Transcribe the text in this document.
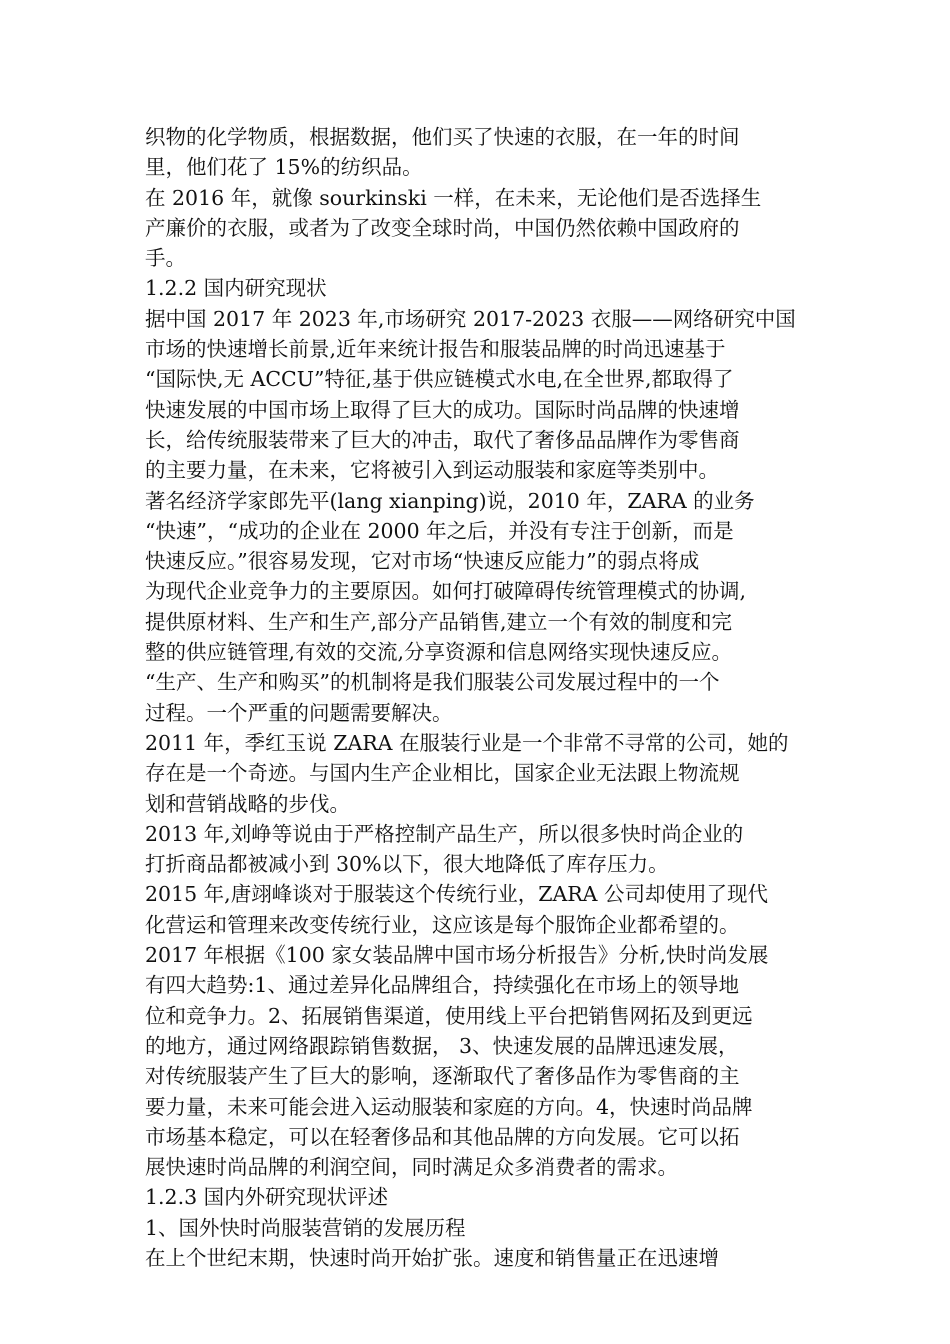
织物的化学物质，根据数据，他们买了快速的衣服，在一年的时间
里，他们花了 15%的纺织品。
在 2016 年，就像 sourkinski 一样，在未来，无论他们是否选择生
产廉价的衣服，或者为了改变全球时尚，中国仍然依赖中国政府的
手。
1.2.2 国内研究现状
据中国 2017 年 2023 年,市场研究 2017-2023 衣服——网络研究中国
市场的快速增长前景,近年来统计报告和服装品牌的时尚迅速基于
“国际快,无 ACCU”特征,基于供应链模式水电,在全世界,都取得了
快速发展的中国市场上取得了巨大的成功。国际时尚品牌的快速增
长，给传统服装带来了巨大的冲击，取代了奢侈品品牌作为零售商
的主要力量，在未来，它将被引入到运动服装和家庭等类别中。
著名经济学家郎先平(lang xianping)说，2010 年，ZARA 的业务
“快速”，“成功的企业在 2000 年之后，并没有专注于创新，而是
快速反应。”很容易发现，它对市场“快速反应能力”的弱点将成
为现代企业竞争力的主要原因。如何打破障碍传统管理模式的协调,
提供原材料、生产和生产,部分产品销售,建立一个有效的制度和完
整的供应链管理,有效的交流,分享资源和信息网络实现快速反应。
“生产、生产和购买”的机制将是我们服装公司发展过程中的一个
过程。一个严重的问题需要解决。
2011 年，季红玉说 ZARA 在服装行业是一个非常不寻常的公司，她的
存在是一个奇迹。与国内生产企业相比，国家企业无法跟上物流规
划和营销战略的步伐。
2013 年,刘峥等说由于严格控制产品生产，所以很多快时尚企业的
打折商品都被减小到 30%以下，很大地降低了库存压力。
2015 年,唐翊峰谈对于服装这个传统行业，ZARA 公司却使用了现代
化营运和管理来改变传统行业，这应该是每个服饰企业都希望的。
2017 年根据《100 家女装品牌中国市场分析报告》分析,快时尚发展
有四大趋势:1、通过差异化品牌组合，持续强化在市场上的领导地
位和竞争力。2、拓展销售渠道，使用线上平台把销售网拓及到更远
的地方，通过网络跟踪销售数据， 3、快速发展的品牌迅速发展，
对传统服装产生了巨大的影响，逐渐取代了奢侈品作为零售商的主
要力量，未来可能会进入运动服装和家庭的方向。4，快速时尚品牌
市场基本稳定，可以在轻奢侈品和其他品牌的方向发展。它可以拓
展快速时尚品牌的利润空间，同时满足众多消费者的需求。
1.2.3 国内外研究现状评述
1、国外快时尚服装营销的发展历程
在上个世纪末期，快速时尚开始扩张。速度和销售量正在迅速增
